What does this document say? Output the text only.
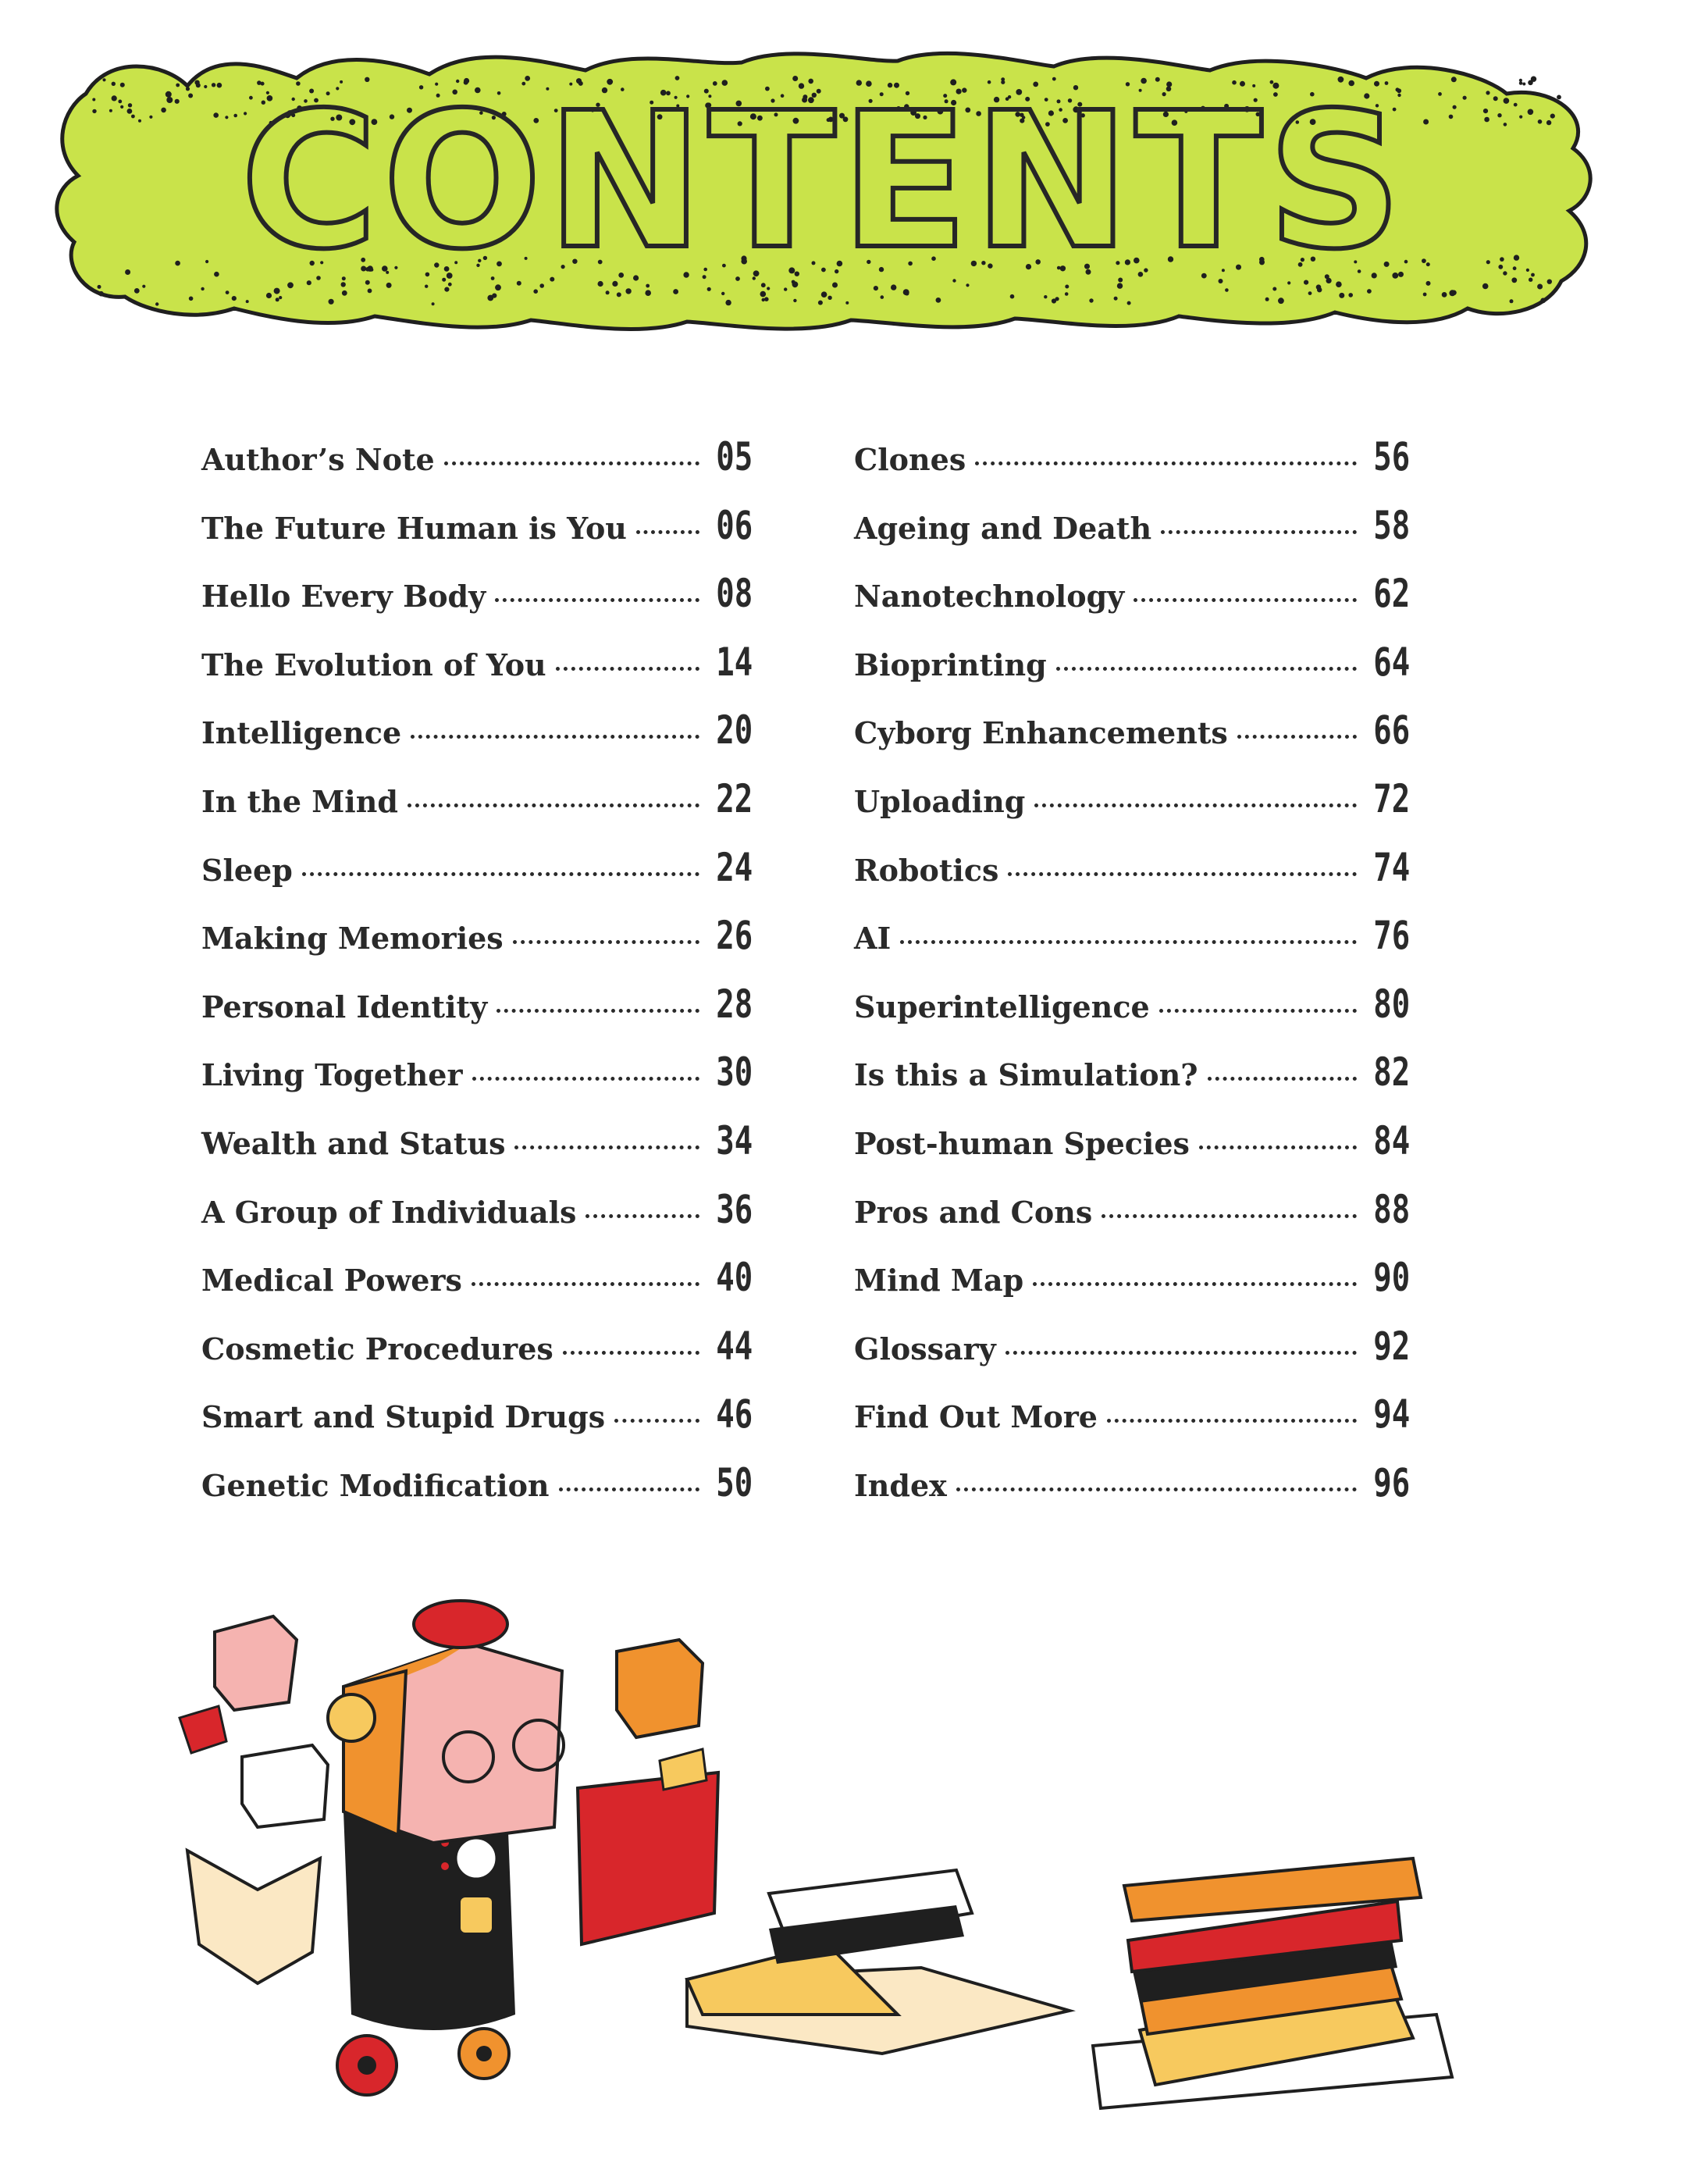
CONTENTS
Author’s Note	05
The Future Human is You 06
Hello Every Body	08
The Evolution of You	14
Intelligence	20
In the Mind	22
Sleep	24
Making Memories	26
Personal Identity	28
Living Together	30
Wealth and Status	34
A Group of Individuals	36
Medical Powers	40
Cosmetic Procedures	44
Smart and Stupid Drugs	46
Genetic Modification	50
Clones	56
Ageing and Death	58
Nanotechnology	62
Bioprinting	64
Cyborg Enhancements	66
Uploading	72
Robotics	74
AI	76
Superintelligence	80
Is this a Simulation?	82
Post-human Species	84
Pros and Cons	88
Mind Map	90
Glossary	92
Find Out More	94
Index	96
